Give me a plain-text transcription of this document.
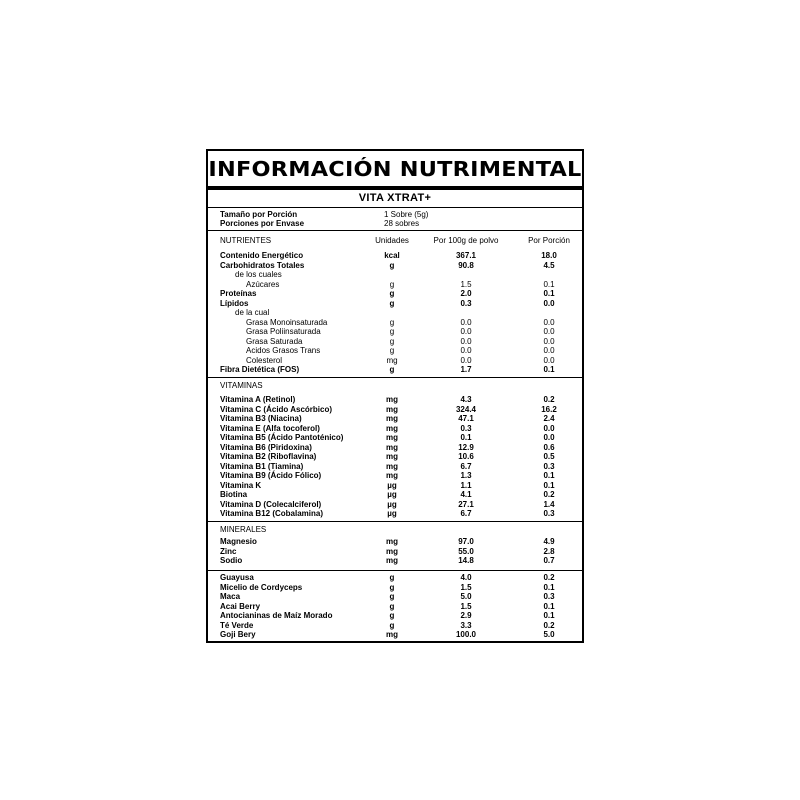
INFORMACIÓN NUTRIMENTAL
VITA XTRAT+
Tamaño por Porción	1 Sobre (5g)
Porciones por Envase	28 sobres
NUTRIENTES	Unidades	Por 100g de polvo	Por Porción
VITAMINAS
MINERALES
Contenido Energético	kcal	367.1	18.0
Carbohidratos Totales	g	90.8	4.5
de los cuales
Azúcares	g	1.5	0.1
Proteínas	g	2.0	0.1
Lípidos	g	0.3	0.0
de la cual
Grasa Monoinsaturada	g	0.0	0.0
Grasa Poliinsaturada	g	0.0	0.0
Grasa Saturada	g	0.0	0.0
Acidos Grasos Trans	g	0.0	0.0
Colesterol	mg	0.0	0.0
Fibra Dietética (FOS)	g	1.7	0.1
Vitamina A (Retinol)	mg	4.3	0.2
Vitamina C (Ácido Ascórbico)	mg	324.4	16.2
Vitamina B3 (Niacina)	mg	47.1	2.4
Vitamina E (Alfa tocoferol)	mg	0.3	0.0
Vitamina B5 (Ácido Pantoténico)	mg	0.1	0.0
Vitamina B6 (Piridoxina)	mg	12.9	0.6
Vitamina B2 (Riboflavina)	mg	10.6	0.5
Vitamina B1 (Tiamina)	mg	6.7	0.3
Vitamina B9 (Ácido Fólico)	mg	1.3	0.1
Vitamina K	µg	1.1	0.1
Biotina	µg	4.1	0.2
Vitamina D (Colecalciferol)	µg	27.1	1.4
Vitamina B12 (Cobalamina)	µg	6.7	0.3
Magnesio	mg	97.0	4.9
Zinc	mg	55.0	2.8
Sodio	mg	14.8	0.7
Guayusa	g	4.0	0.2
Micelio de Cordyceps	g	1.5	0.1
Maca	g	5.0	0.3
Acai Berry	g	1.5	0.1
Antocianinas de Maíz Morado	g	2.9	0.1
Té Verde	g	3.3	0.2
Goji Bery	mg	100.0	5.0
